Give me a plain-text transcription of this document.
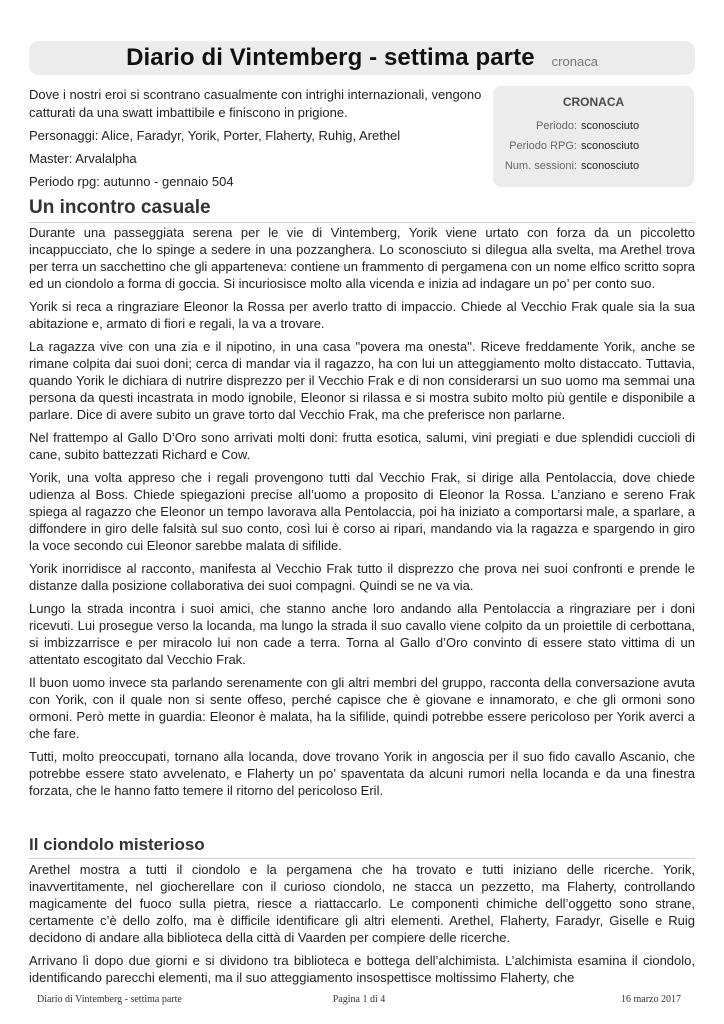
Diario di Vintemberg - settima parte cronaca

Dove i nostri eroi si scontrano casualmente con intrighi internazionali, vengono catturati da una swatt imbattibile e finiscono in prigione.

Personaggi: Alice, Faradyr, Yorik, Porter, Flaherty, Ruhig, Arethel

Master: Arvalalpha

Periodo rpg: autunno - gennaio 504

CRONACA
Periodo: sconosciuto
Periodo RPG: sconosciuto
Num. sessioni: sconosciuto
Un incontro casuale

Durante una passeggiata serena per le vie di Vintemberg, Yorik viene urtato con forza da un piccoletto incappucciato, che lo spinge a sedere in una pozzanghera. Lo sconosciuto si dilegua alla svelta, ma Arethel trova per terra un sacchettino che gli apparteneva: contiene un frammento di pergamena con un nome elfico scritto sopra ed un ciondolo a forma di goccia. Si incuriosisce molto alla vicenda e inizia ad indagare un po’ per conto suo.

Yorik si reca a ringraziare Eleonor la Rossa per averlo tratto di impaccio. Chiede al Vecchio Frak quale sia la sua abitazione e, armato di fiori e regali, la va a trovare.

La ragazza vive con una zia e il nipotino, in una casa "povera ma onesta". Riceve freddamente Yorik, anche se rimane colpita dai suoi doni; cerca di mandar via il ragazzo, ha con lui un atteggiamento molto distaccato. Tuttavia, quando Yorik le dichiara di nutrire disprezzo per il Vecchio Frak e di non considerarsi un suo uomo ma semmai una persona da questi incastrata in modo ignobile, Eleonor si rilassa e si mostra subito molto più gentile e disponibile a parlare. Dice di avere subito un grave torto dal Vecchio Frak, ma che preferisce non parlarne.

Nel frattempo al Gallo D’Oro sono arrivati molti doni: frutta esotica, salumi, vini pregiati e due splendidi cuccioli di cane, subito battezzati Richard e Cow.

Yorik, una volta appreso che i regali provengono tutti dal Vecchio Frak, si dirige alla Pentolaccia, dove chiede udienza al Boss. Chiede spiegazioni precise all’uomo a proposito di Eleonor la Rossa. L’anziano e sereno Frak spiega al ragazzo che Eleonor un tempo lavorava alla Pentolaccia, poi ha iniziato a comportarsi male, a sparlare, a diffondere in giro delle falsità sul suo conto, così lui è corso ai ripari, mandando via la ragazza e spargendo in giro la voce secondo cui Eleonor sarebbe malata di sifilide.

Yorik inorridisce al racconto, manifesta al Vecchio Frak tutto il disprezzo che prova nei suoi confronti e prende le distanze dalla posizione collaborativa dei suoi compagni. Quindi se ne va via.

Lungo la strada incontra i suoi amici, che stanno anche loro andando alla Pentolaccia a ringraziare per i doni ricevuti. Lui prosegue verso la locanda, ma lungo la strada il suo cavallo viene colpito da un proiettile di cerbottana, si imbizzarrisce e per miracolo lui non cade a terra. Torna al Gallo d’Oro convinto di essere stato vittima di un attentato escogitato dal Vecchio Frak.

Il buon uomo invece sta parlando serenamente con gli altri membri del gruppo, racconta della conversazione avuta con Yorik, con il quale non si sente offeso, perché capisce che è giovane e innamorato, e che gli ormoni sono ormoni. Però mette in guardia: Eleonor è malata, ha la sifilide, quindi potrebbe essere pericoloso per Yorik averci a che fare.

Tutti, molto preoccupati, tornano alla locanda, dove trovano Yorik in angoscia per il suo fido cavallo Ascanio, che potrebbe essere stato avvelenato, e Flaherty un po’ spaventata da alcuni rumori nella locanda e da una finestra forzata, che le hanno fatto temere il ritorno del pericoloso Eril.

Il ciondolo misterioso

Arethel mostra a tutti il ciondolo e la pergamena che ha trovato e tutti iniziano delle ricerche. Yorik, inavvertitamente, nel giocherellare con il curioso ciondolo, ne stacca un pezzetto, ma Flaherty, controllando magicamente del fuoco sulla pietra, riesce a riattaccarlo. Le componenti chimiche dell’oggetto sono strane, certamente c’è dello zolfo, ma è difficile identificare gli altri elementi. Arethel, Flaherty, Faradyr, Giselle e Ruig decidono di andare alla biblioteca della città di Vaarden per compiere delle ricerche.

Arrivano lì dopo due giorni e si dividono tra biblioteca e bottega dell’alchimista. L’alchimista esamina il ciondolo, identificando parecchi elementi, ma il suo atteggiamento insospettisce moltissimo Flaherty, che

Diario di Vintemberg - settima parte	Pagina 1 di 4	16 marzo 2017
